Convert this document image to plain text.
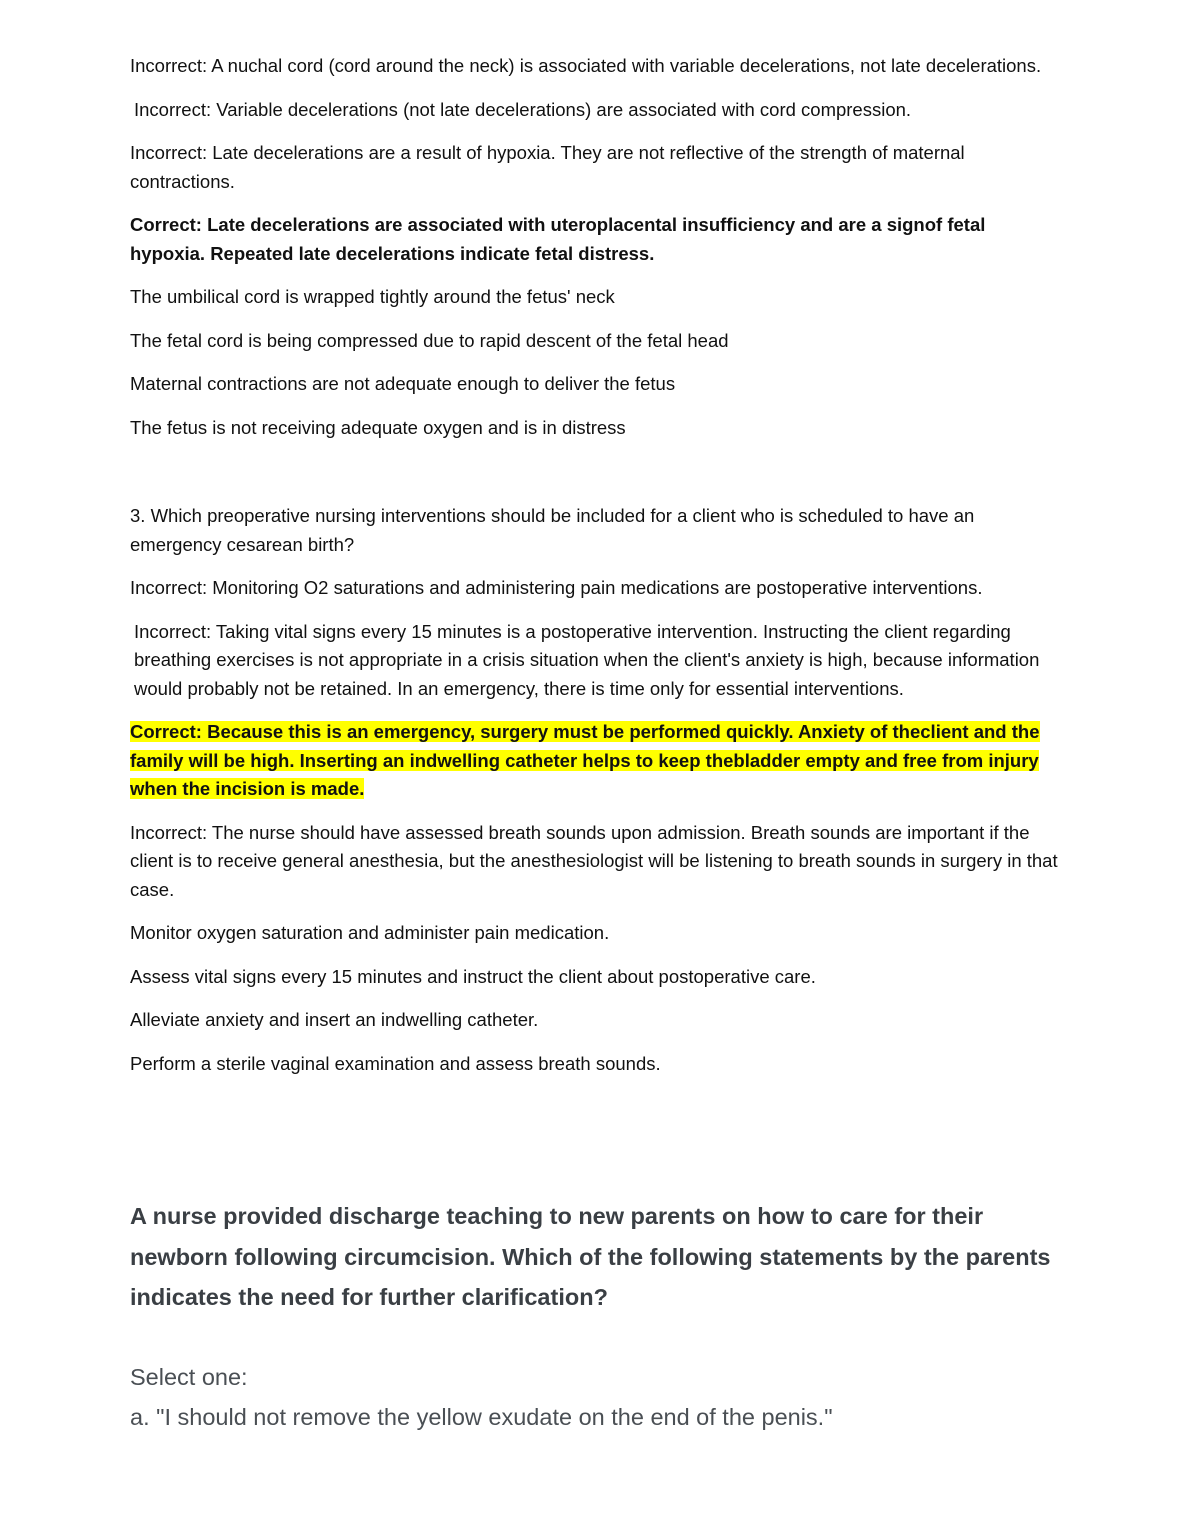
Incorrect: A nuchal cord (cord around the neck) is associated with variable decelerations, not late decelerations.

Incorrect: Variable decelerations (not late decelerations) are associated with cord compression.

Incorrect: Late decelerations are a result of hypoxia. They are not reflective of the strength of maternal contractions.

Correct: Late decelerations are associated with uteroplacental insufficiency and are a signof fetal hypoxia. Repeated late decelerations indicate fetal distress.

The umbilical cord is wrapped tightly around the fetus' neck

The fetal cord is being compressed due to rapid descent of the fetal head

Maternal contractions are not adequate enough to deliver the fetus

The fetus is not receiving adequate oxygen and is in distress

3. Which preoperative nursing interventions should be included for a client who is scheduled to have an emergency cesarean birth?

Incorrect: Monitoring O2 saturations and administering pain medications are postoperative interventions.

Incorrect: Taking vital signs every 15 minutes is a postoperative intervention. Instructing the client regarding breathing exercises is not appropriate in a crisis situation when the client's anxiety is high, because information would probably not be retained. In an emergency, there is time only for essential interventions.

Correct: Because this is an emergency, surgery must be performed quickly. Anxiety of theclient and the family will be high. Inserting an indwelling catheter helps to keep thebladder empty and free from injury when the incision is made.

Incorrect: The nurse should have assessed breath sounds upon admission. Breath sounds are important if the client is to receive general anesthesia, but the anesthesiologist will be listening to breath sounds in surgery in that case.

Monitor oxygen saturation and administer pain medication.

Assess vital signs every 15 minutes and instruct the client about postoperative care.

Alleviate anxiety and insert an indwelling catheter.

Perform a sterile vaginal examination and assess breath sounds.

A nurse provided discharge teaching to new parents on how to care for their newborn following circumcision. Which of the following statements by the parents indicates the need for further clarification?

Select one:

a. "I should not remove the yellow exudate on the end of the penis."
